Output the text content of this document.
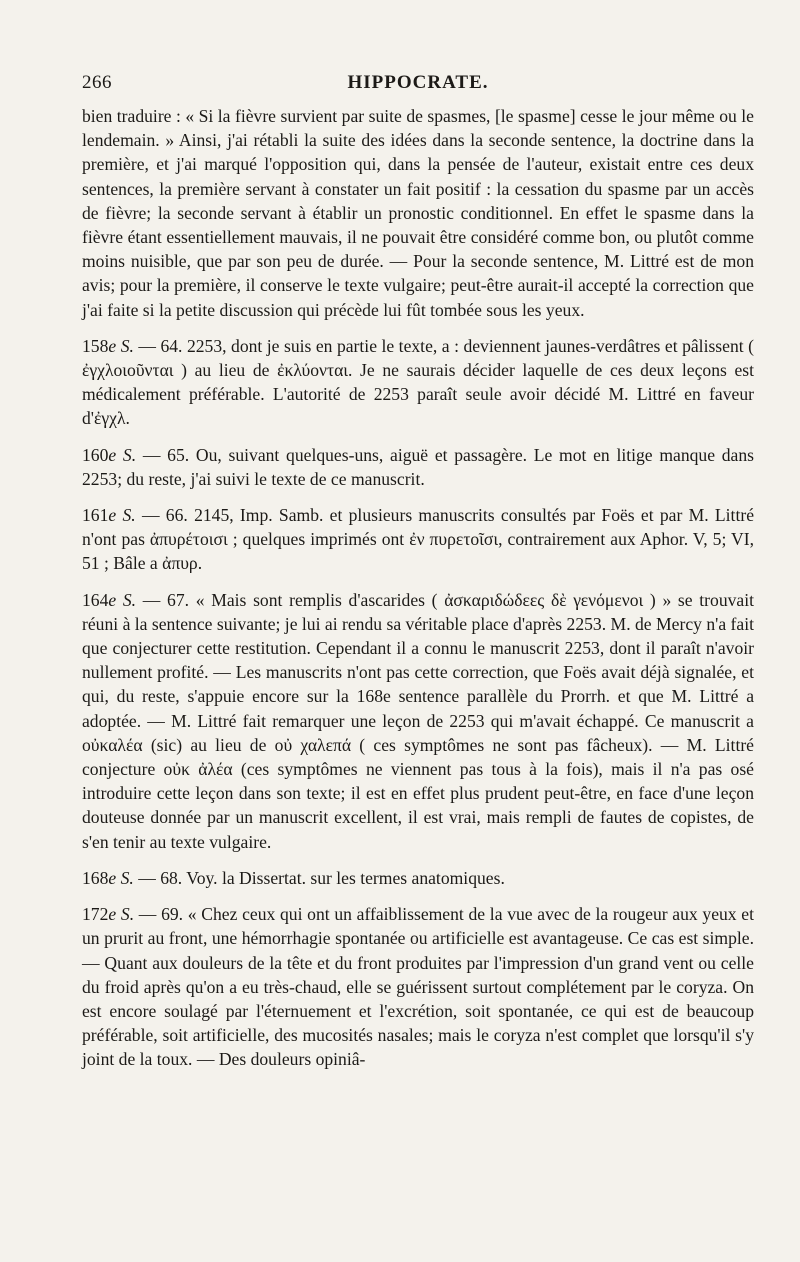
266	HIPPOCRATE.

bien traduire : « Si la fièvre survient par suite de spasmes, [le spasme] cesse le jour même ou le lendemain. » Ainsi, j'ai rétabli la suite des idées dans la seconde sentence, la doctrine dans la première, et j'ai marqué l'opposition qui, dans la pensée de l'auteur, existait entre ces deux sentences, la première servant à constater un fait positif : la cessation du spasme par un accès de fièvre; la seconde servant à établir un pronostic conditionnel. En effet le spasme dans la fièvre étant essentiellement mauvais, il ne pouvait être considéré comme bon, ou plutôt comme moins nuisible, que par son peu de durée. — Pour la seconde sentence, M. Littré est de mon avis; pour la première, il conserve le texte vulgaire; peut-être aurait-il accepté la correction que j'ai faite si la petite discussion qui précède lui fût tombée sous les yeux.

158e S. — 64. 2253, dont je suis en partie le texte, a : deviennent jaunes-verdâtres et pâlissent ( ἐγχλοιοῦνται ) au lieu de ἐκλύονται. Je ne saurais décider laquelle de ces deux leçons est médicalement préférable. L'autorité de 2253 paraît seule avoir décidé M. Littré en faveur d'ἐγχλ.

160e S. — 65. Ou, suivant quelques-uns, aiguë et passagère. Le mot en litige manque dans 2253; du reste, j'ai suivi le texte de ce manuscrit.

161e S. — 66. 2145, Imp. Samb. et plusieurs manuscrits consultés par Foës et par M. Littré n'ont pas ἀπυρέτοισι ; quelques imprimés ont ἐν πυρετοῖσι, contrairement aux Aphor. V, 5; VI, 51 ; Bâle a ἀπυρ.

164e S. — 67. « Mais sont remplis d'ascarides ( ἀσκαριδώδεες δὲ γενόμενοι ) » se trouvait réuni à la sentence suivante; je lui ai rendu sa véritable place d'après 2253. M. de Mercy n'a fait que conjecturer cette restitution. Cependant il a connu le manuscrit 2253, dont il paraît n'avoir nullement profité. — Les manuscrits n'ont pas cette correction, que Foës avait déjà signalée, et qui, du reste, s'appuie encore sur la 168e sentence parallèle du Prorrh. et que M. Littré a adoptée. — M. Littré fait remarquer une leçon de 2253 qui m'avait échappé. Ce manuscrit a οὐκαλέα (sic) au lieu de οὐ χαλεπά ( ces symptômes ne sont pas fâcheux). — M. Littré conjecture οὐκ ἀλέα (ces symptômes ne viennent pas tous à la fois), mais il n'a pas osé introduire cette leçon dans son texte; il est en effet plus prudent peut-être, en face d'une leçon douteuse donnée par un manuscrit excellent, il est vrai, mais rempli de fautes de copistes, de s'en tenir au texte vulgaire.

168e S. — 68. Voy. la Dissertat. sur les termes anatomiques.

172e S. — 69. « Chez ceux qui ont un affaiblissement de la vue avec de la rougeur aux yeux et un prurit au front, une hémorrhagie spontanée ou artificielle est avantageuse. Ce cas est simple. — Quant aux douleurs de la tête et du front produites par l'impression d'un grand vent ou celle du froid après qu'on a eu très-chaud, elle se guérissent surtout complétement par le coryza. On est encore soulagé par l'éternuement et l'excrétion, soit spontanée, ce qui est de beaucoup préférable, soit artificielle, des mucosités nasales; mais le coryza n'est complet que lorsqu'il s'y joint de la toux. — Des douleurs opiniâ-
